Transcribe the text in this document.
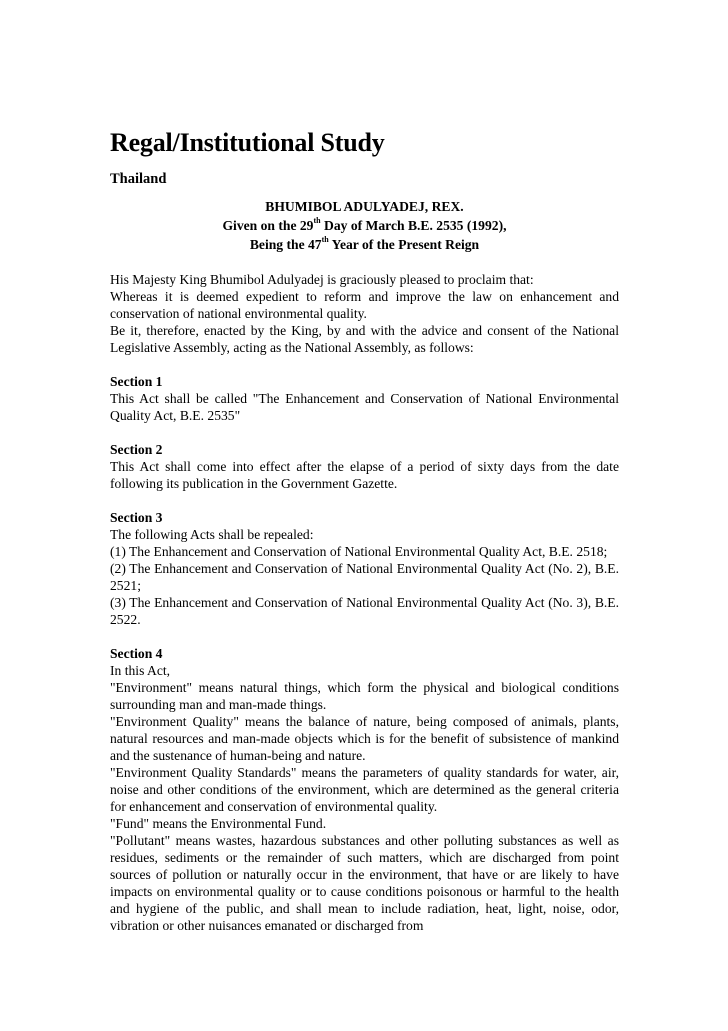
Regal/Institutional Study
Thailand
BHUMIBOL ADULYADEJ, REX.
Given on the 29th Day of March B.E. 2535 (1992),
Being the 47th Year of the Present Reign

His Majesty King Bhumibol Adulyadej is graciously pleased to proclaim that:

Whereas it is deemed expedient to reform and improve the law on enhancement and conservation of national environmental quality.

Be it, therefore, enacted by the King, by and with the advice and consent of the National Legislative Assembly, acting as the National Assembly, as follows:

Section 1

This Act shall be called "The Enhancement and Conservation of National Environmental Quality Act, B.E. 2535"

Section 2

This Act shall come into effect after the elapse of a period of sixty days from the date following its publication in the Government Gazette.

Section 3

The following Acts shall be repealed:

(1) The Enhancement and Conservation of National Environmental Quality Act, B.E. 2518;

(2) The Enhancement and Conservation of National Environmental Quality Act (No. 2), B.E. 2521;

(3) The Enhancement and Conservation of National Environmental Quality Act (No. 3), B.E. 2522.

Section 4

In this Act,

"Environment" means natural things, which form the physical and biological conditions surrounding man and man-made things.

"Environment Quality" means the balance of nature, being composed of animals, plants, natural resources and man-made objects which is for the benefit of subsistence of mankind and the sustenance of human-being and nature.

"Environment Quality Standards" means the parameters of quality standards for water, air, noise and other conditions of the environment, which are determined as the general criteria for enhancement and conservation of environmental quality.

"Fund" means the Environmental Fund.

"Pollutant" means wastes, hazardous substances and other polluting substances as well as residues, sediments or the remainder of such matters, which are discharged from point sources of pollution or naturally occur in the environment, that have or are likely to have impacts on environmental quality or to cause conditions poisonous or harmful to the health and hygiene of the public, and shall mean to include radiation, heat, light, noise, odor, vibration or other nuisances emanated or discharged from
